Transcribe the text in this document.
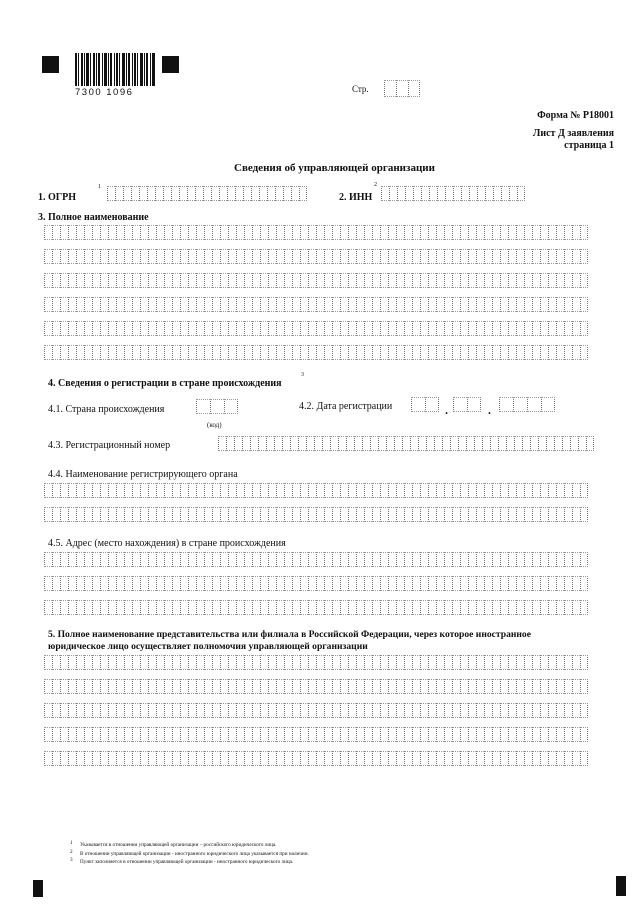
7300 1096	Стр.
Форма № Р18001
Лист Д заявления
страница 1
Сведения об управляющей организации
1. ОГРН
1
2. ИНН
2
3. Полное наименование
4. Сведения о регистрации в стране происхождения
3
4.1. Страна происхождения
(код)
4.2. Дата регистрации	.	.
4.3. Регистрационный номер
4.4. Наименование регистрирующего органа
4.5. Адрес (место нахождения) в стране происхождения
5. Полное наименование представительства или филиала в Российской Федерации, через которое иностранное
юридическое лицо осуществляет полномочия управляющей организации
1 Указывается в отношении управляющей организации – российского юридического лица.
2 В отношении управляющей организации - иностранного юридического лица указывается при наличии.
3 Пункт заполняется в отношении управляющей организации - иностранного юридического лица.
